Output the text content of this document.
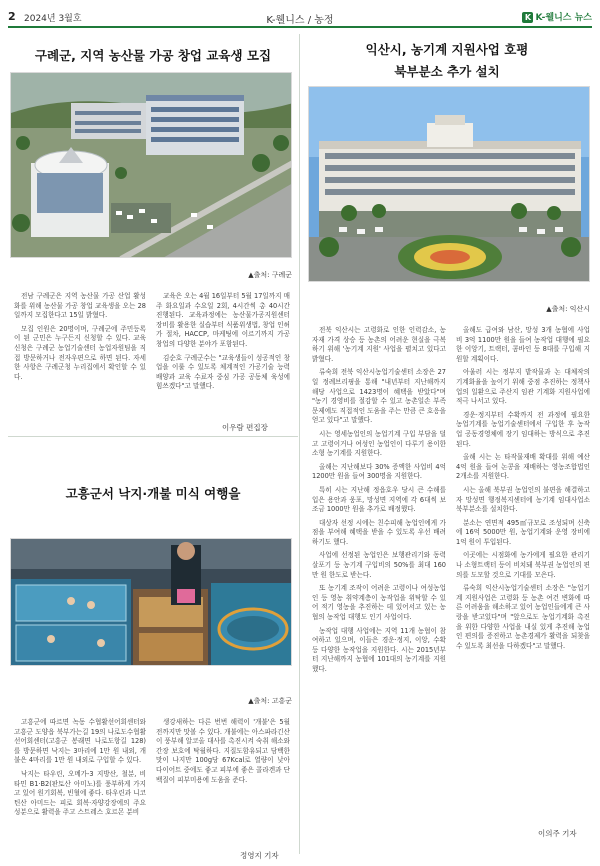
2 2024년 3월호	K-웰니스 / 농정	K K-웰니스 뉴스
구례군, 지역 농산물 가공 창업 교육생 모집
▲출처: 구례군

전남 구례군은 지역 농산물 가공 산업 활성화를 위해 농산물 가공 창업 교육생을 오는 28일까지 모집한다고 15일 밝혔다.

모집 인원은 20명이며, 구례군에 주민등록이 된 군민은 누구든지 신청할 수 있다. 교육 신청은 구례군 농업기술센터 농업자원팀을 직접 방문하거나 전자우편으로 하면 된다. 자세한 사항은 구례군청 누리집에서 확인할 수 있다.

교육은 오는 4월 16일부터 5월 17일까지 매주 화요일과 수요일 2회, 4시간씩 총 40시간 진행된다. 교육과정에는 농산물가공지원센터 장비를 활용한 실습부터 식품위생법, 창업 인허가 절차, HACCP, 마케팅에 이르기까지 가공 창업의 다양한 분야가 포함된다.

김순호 구례군수는 "교육생들이 성공적인 창업을 이룰 수 있도록 체계적인 가공기술 능력 배양과 교육 수료자 중심 가공 공동체 육성에 힘쓰겠다"고 말했다.

이우람 편집장
고흥군서 낙지·개불 미식 여행을
▲출처: 고흥군

고흥군에 따르면 녹동 수협활선어회센터와 고흥군 도양읍 북부가는길 19의 나로도수협활선어회센터(고흥군 봉래면 나로도항길 128)를 방문하면 낙지는 3마리에 1만 원 내외, 개불은 4마리를 1만 원 내외로 구입할 수 있다.

낙지는 타우린, 오메가-3 지방산, 철분, 비타민 B1·B2(판토산 아미노)를 풍부하게 가지고 있어 원기회복, 빈혈에 좋다. 타우린과 니코틴산 아미드는 피로 회복·자양강장에의 주요 성분으로 활력을 주고 스트레스 호르몬 분비

생강새하는 다른 번번 해력이 '개불'은 5월 전까지만 맛볼 수 있다. 개불에는 아스파라긴산이 풍부해 알코올 대사를 촉진시켜 숙취 해소와 간장 보호에 탁월하다. 지질도함유되고 담백한 맛이 나지만 100g당 67Kcal로 열량이 낮아 다이어트 중에도 좋고 피부에 좋은 콜라겐과 단백질이 피부미용에 도움을 준다.

정영지 기자
익산시, 농기계 지원사업 호평
북부분소 추가 설치
▲출처: 익산시

전북 익산시는 고령화로 인한 인력감소, 농자재 가격 상승 등 농촌의 어려운 현실을 극복하기 위해 '농기계 지원' 사업을 펼치고 있다고 밝혔다.

류숙희 전북 익산시농업기술센터 소장은 27일 정례브리핑을 통해 "내년부터 지난해까지 해당 사업으로 1423명이 혜택을 받았다"며 "농기 경영비를 절감할 수 있고 농촌일손 부족 문제에도 직접적인 도움을 주는 만큼 큰 호응을 얻고 있다"고 말했다.

시는 영세농업인의 농업기계 구입 부담을 덜고 고령이거나 여성인 농업인이 다루기 용이한 소형 농기계를 지원한다.

올해는 지난해보다 30% 증액한 사업비 4억 1200만 원을 들여 300명을 지원한다.

특히 시는 지난해 정읍호우 당시 큰 수해를 입은 용안과 웅포, 망성면 지역에 각 6대씩 보조금 1000만 원을 추가로 배정했다.

대상자 선정 시에는 친수피해 농업인에게 가점을 부여해 혜택을 받을 수 있도록 우선 배려하기도 했다.

사업에 선정된 농업인은 보행관리기와 동력살포기 등 농기계 구입비의 50%를 최대 160만 원 한도로 받는다.

또 농기계 조작이 어려운 고령이나 여성농업인 등 영농 취약계층이 농작업을 위탁할 수 있어 적기 영농을 추진하는 데 있어서고 있는 농협의 농작업 대행도 인기 사업이다.

농작업 대행 사업에는 지역 11개 농협이 참여하고 있으며, 이들은 경운·정지, 이앙, 수확 등 다양한 농작업을 지원한다. 시는 2015년부터 지난해까지 농협에 101대의 농기계를 지원했다.

올해도 급여와 남산, 망성 3개 농협에 사업비 3억 1100만 원을 들여 농작업 대행에 필요한 이앙기, 트랙터, 콤바인 등 8대를 구입해 지원할 계획이다.

아울러 시는 정부지 밭작물과 논 대체작의 기계화율을 높이기 위해 중점 추진하는 정책사업의 일환으로 주산지 임관 기계화 지원사업에 적극 나서고 있다.

경운·정지부터 수확까지 전 과정에 필요한 농업기계를 농업기술센터에서 구입한 후 농작업 공동경영체에 장기 임대하는 방식으로 추진된다.

올해 시는 논 타작물재배 확대를 위해 예산 4억 원을 들여 논콩을 재배하는 영농조합법인 2개소를 지원한다.

시는 올해 북부권 농업인의 불편을 해결하고자 망성면 행정복지센터에 농기계 임대사업소 북부분소를 설치한다.

분소는 연면적 495㎡규모로 조성되며 신축에 16억 5000만 원, 농업기계와 운영 장비에 1억 원이 투입된다.

이곳에는 시점화에 농가에게 필요한 관리기나 소형트랙터 등이 비치돼 북부권 농업인의 편의를 도모할 것으로 기대를 모은다.

류숙희 익산시농업기술센터 소장은 "농업기계 지원사업은 고령화 등 농촌 여건 변화에 따른 어려움을 해소하고 있어 농업인들에게 큰 사랑을 받고있다"며 "앞으로도 농업기계화 촉진을 위한 다양한 사업을 내실 있게 추진해 농업인 편의를 증진하고 농촌경제가 활력을 되찾을 수 있도록 최선을 다하겠다"고 말했다.

이의주 기자
